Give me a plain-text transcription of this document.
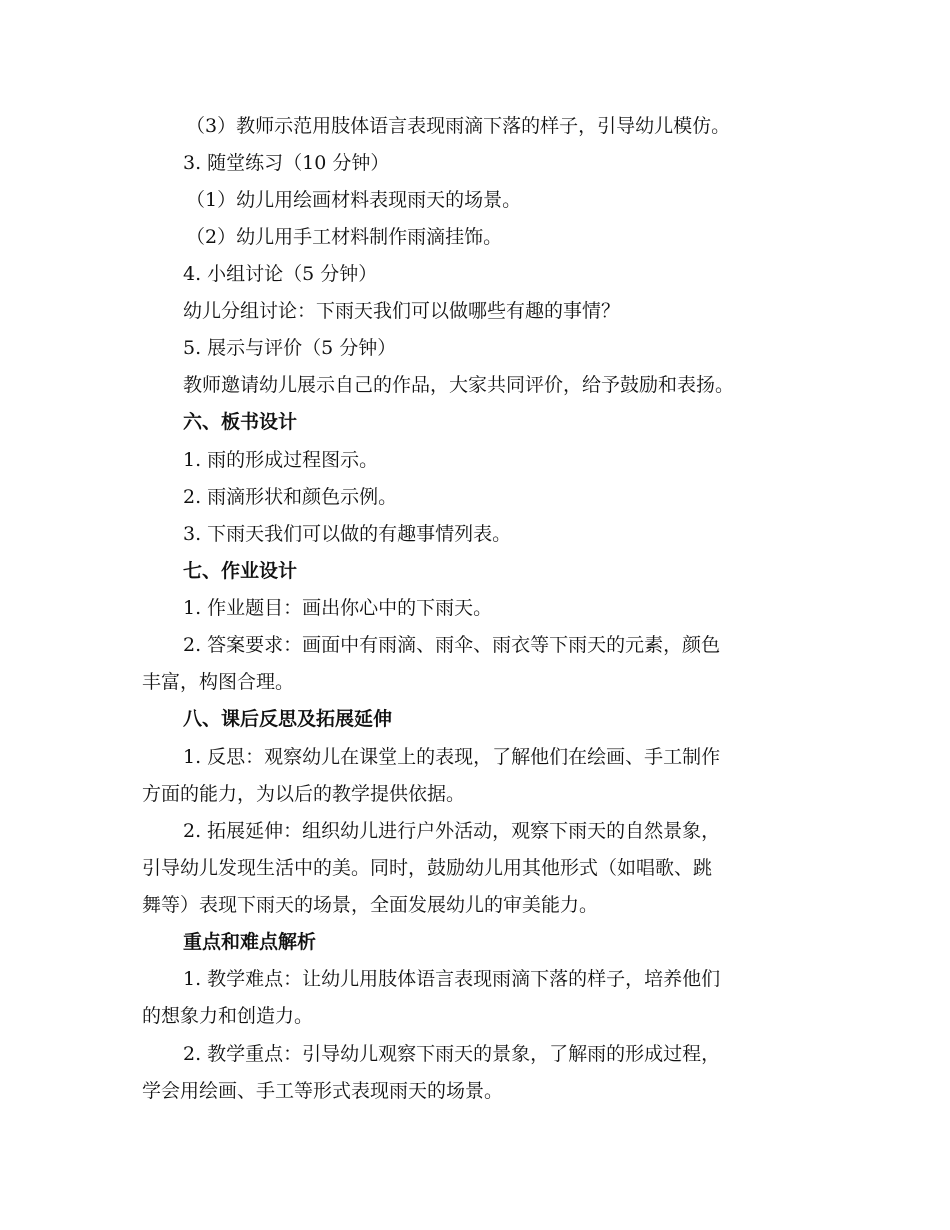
（3）教师示范用肢体语言表现雨滴下落的样子，引导幼儿模仿。
3. 随堂练习（10 分钟）
（1）幼儿用绘画材料表现雨天的场景。
（2）幼儿用手工材料制作雨滴挂饰。
4. 小组讨论（5 分钟）
幼儿分组讨论：下雨天我们可以做哪些有趣的事情？
5. 展示与评价（5 分钟）
教师邀请幼儿展示自己的作品，大家共同评价，给予鼓励和表扬。
六、板书设计
1. 雨的形成过程图示。
2. 雨滴形状和颜色示例。
3. 下雨天我们可以做的有趣事情列表。
七、作业设计
1. 作业题目：画出你心中的下雨天。
2. 答案要求：画面中有雨滴、雨伞、雨衣等下雨天的元素，颜色
丰富，构图合理。
八、课后反思及拓展延伸
1. 反思：观察幼儿在课堂上的表现，了解他们在绘画、手工制作
方面的能力，为以后的教学提供依据。
2. 拓展延伸：组织幼儿进行户外活动，观察下雨天的自然景象，
引导幼儿发现生活中的美。同时，鼓励幼儿用其他形式（如唱歌、跳
舞等）表现下雨天的场景，全面发展幼儿的审美能力。
重点和难点解析
1. 教学难点：让幼儿用肢体语言表现雨滴下落的样子，培养他们
的想象力和创造力。
2. 教学重点：引导幼儿观察下雨天的景象，了解雨的形成过程，
学会用绘画、手工等形式表现雨天的场景。
